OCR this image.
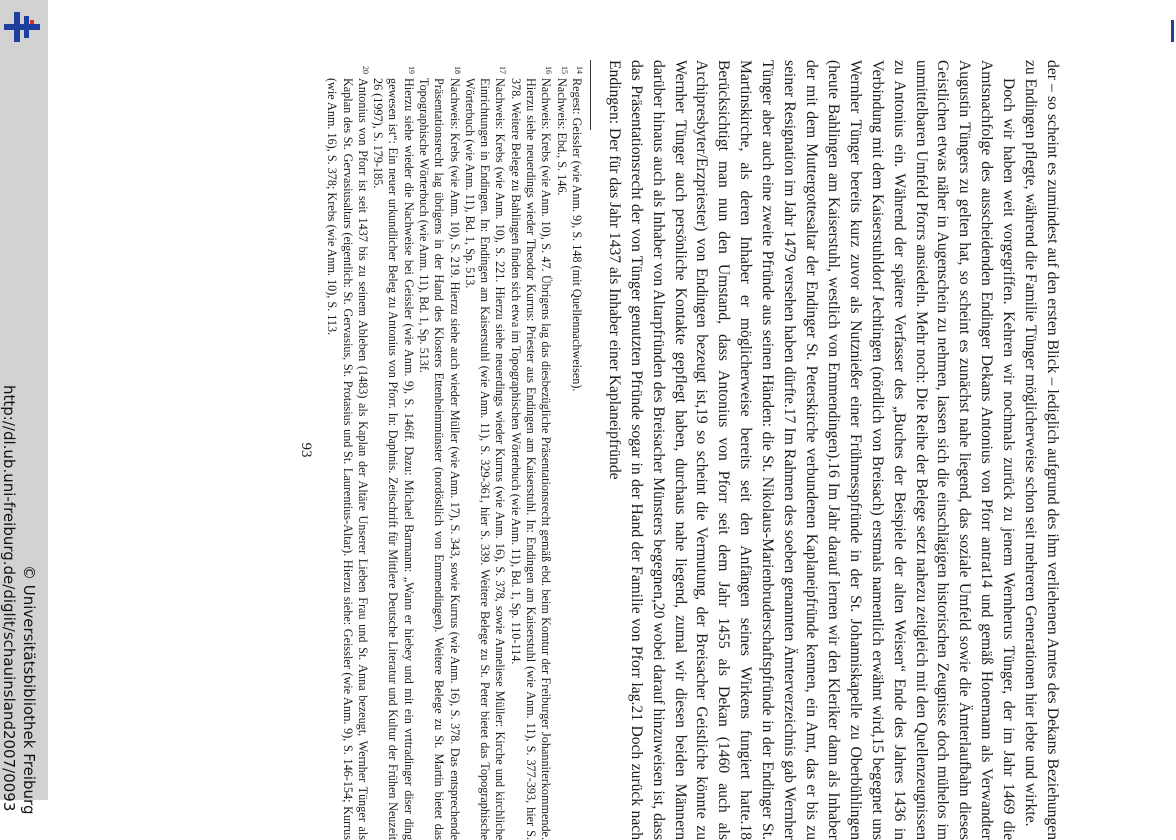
http://dl.ub.uni-freiburg.de/diglit/schauinsland2007/0093 © Universitätsbibliothek Freiburg	der – so scheint es zumindest auf den ersten Blick – lediglich aufgrund des ihm verliehenen Amtes des Dekans Beziehungen zu Endingen pflegte, während die Familie Tünger möglicherweise schon seit mehreren Generationen hier lebte und wirkte.

Doch wir haben weit vorgegriffen. Kehren wir nochmals zurück zu jenem Wernherus Tünger, der im Jahr 1469 die Amtsnachfolge des ausscheidenden Endinger Dekans Antonius von Pforr antrat14 und gemäß Honemann als Verwandter Augustin Tüngers zu gelten hat, so scheint es zunächst nahe liegend, das soziale Umfeld sowie die Ämterlaufbahn dieses Geistlichen etwas näher in Augenschein zu nehmen, lassen sich die einschlägigen historischen Zeugnisse doch mühelos im unmittelbaren Umfeld Pforrs ansiedeln. Mehr noch: Die Reihe der Belege setzt nahezu zeitgleich mit den Quellenzeugnissen zu Antonius ein. Während der spätere Verfasser des „Buches der Beispiele der alten Weisen“ Ende des Jahres 1436 in Verbindung mit dem Kaiserstuhldorf Jechtingen (nördlich von Breisach) erstmals namentlich erwähnt wird,15 begegnet uns Wernher Tünger bereits kurz zuvor als Nutznießer einer Frühmesspfründe in der St. Johanniskapelle zu Oberbühlingen (heute Bahlingen am Kaiserstuhl, westlich von Emmendingen).16 Im Jahr darauf lernen wir den Kleriker dann als Inhaber der mit dem Muttergottesaltar der Endinger St. Peterskirche verbundenen Kaplaneipfründe kennen, ein Amt, das er bis zu seiner Resignation im Jahr 1479 versehen haben dürfte.17 Im Rahmen des soeben genannten Ämterverzeichnis gab Wernher Tünger aber auch eine zweite Pfründe aus seinen Händen: die St. Nikolaus-Marienbruderschaftspfründe in der Endinger St. Martinskirche, als deren Inhaber er möglicherweise bereits seit den Anfängen seines Wirkens fungiert hatte.18 Berücksichtigt man nun den Umstand, dass Antonius von Pforr seit dem Jahr 1455 als Dekan (1460 auch als Archipresbyter/Erzpriester) von Endingen bezeugt ist,19 so scheint die Vermutung, der Breisacher Geistliche könnte zu Wernher Tünger auch persönliche Kontakte gepflegt haben, durchaus nahe liegend, zumal wir diesen beiden Männern darüber hinaus auch als Inhaber von Altarpfründen des Breisacher Münsters begegnen,20 wobei darauf hinzuweisen ist, dass das Präsentationsrecht der von Tünger genutzten Pfründe sogar in der Hand der Familie von Pforr lag.21 Doch zurück nach Endingen: Der für das Jahr 1437 als Inhaber einer Kaplaneipfründe

14
Regest: Geissler (wie Anm. 9), S. 148 (mit Quellennachweisen).
15
Nachweis: Ebd., S. 146.
16
Nachweis: Krebs (wie Anm. 10), S. 47. Übrigens lag das diesbezügliche Präsentationsrecht gemäß ebd. beim Komtur der Freiburger Johanniterkommende. Hierzu siehe neuerdings wieder Theodor Kurrus: Priester aus Endingen am Kaiserstuhl. In: Endingen am Kaiserstuhl (wie Anm. 11), S. 377-393, hier S. 378. Weitere Belege zu Bahlingen finden sich etwa im Topographischen Wörterbuch (wie Anm. 11), Bd. 1, Sp. 110-114.
17
Nachweis: Krebs (wie Anm. 10), S. 221. Hierzu siehe neuerdings wieder Kurrus (wie Anm. 16), S. 378, sowie Anneliese Müller: Kirche und kirchliche Einrichtungen in Endingen. In: Endingen am Kaiserstuhl (wie Anm. 11), S. 329-361, hier S. 339. Weitere Belege zu St. Peter bietet das Topographische Wörterbuch (wie Anm. 11), Bd. 1, Sp. 513.
18
Nachweis: Krebs (wie Anm. 10), S. 219. Hierzu siehe auch wieder Müller (wie Anm. 17), S. 343, sowie Kurrus (wie Anm. 16), S. 378. Das entsprechende Präsentationsrecht lag übrigens in der Hand des Klosters Ettenheimmünster (nordöstlich von Emmendingen). Weitere Belege zu St. Martin bietet das Topographische Wörterbuch (wie Anm. 11), Bd. 1, Sp. 513f.
19
Hierzu siehe wieder die Nachweise bei Geissler (wie Anm. 9), S. 146ff. Dazu: Michael Barmann: „Wann er hiebey und mit ein vrttradinger diser ding gewesen ist“: Ein neuer urkundlicher Beleg zu Antonius von Pforr. In: Daphnis. Zeitschrift für Mittlere Deutsche Literatur und Kultur der Frühen Neuzeit 26 (1997), S. 179-185.
20
Antonius von Pforr ist seit 1437 bis zu seinem Ableben (1483) als Kaplan der Altäre Unserer Lieben Frau und St. Anna bezeugt, Wernher Tünger als Kaplan des St. Gervasiusaltars (eigentlich: St. Gervasius, St. Protasius und St. Laurentius-Altar). Hierzu siehe: Geissler (wie Anm. 9), S. 146-154; Kurrus (wie Anm. 16), S. 378; Krebs (wie Anm. 10), S. 113.
93
